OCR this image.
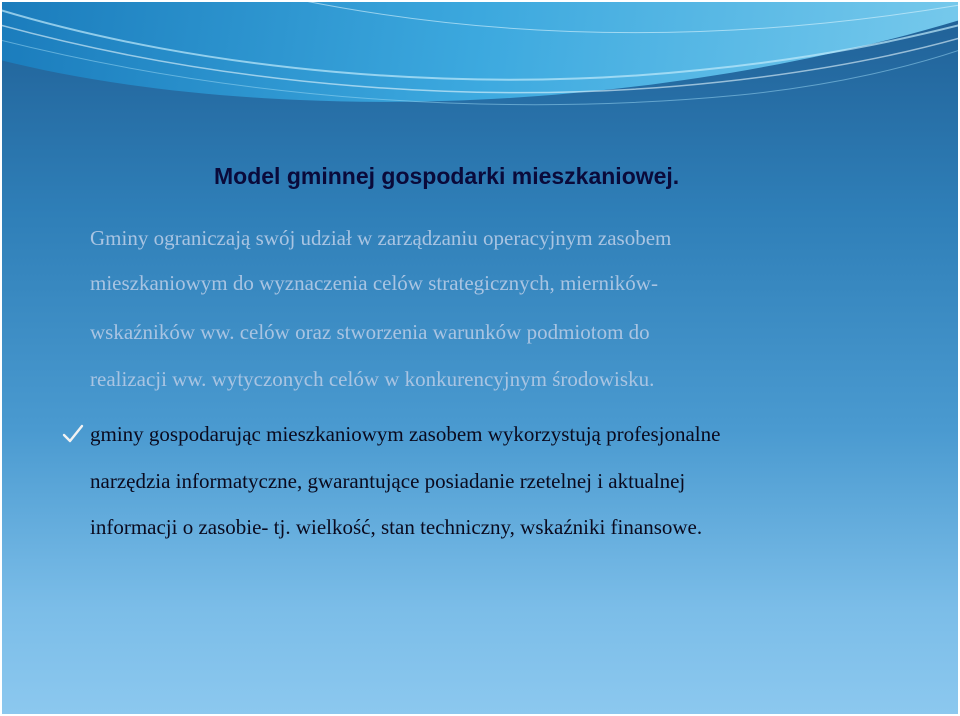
Model gminnej gospodarki mieszkaniowej.

Gminy ograniczają swój udział w zarządzaniu operacyjnym zasobem

mieszkaniowym do wyznaczenia celów strategicznych, mierników-

wskaźników ww. celów oraz stworzenia warunków podmiotom do

realizacji ww. wytyczonych celów w konkurencyjnym środowisku.

gminy gospodarując mieszkaniowym zasobem wykorzystują profesjonalne

narzędzia informatyczne, gwarantujące posiadanie rzetelnej i aktualnej

informacji o zasobie- tj. wielkość, stan techniczny, wskaźniki finansowe.
